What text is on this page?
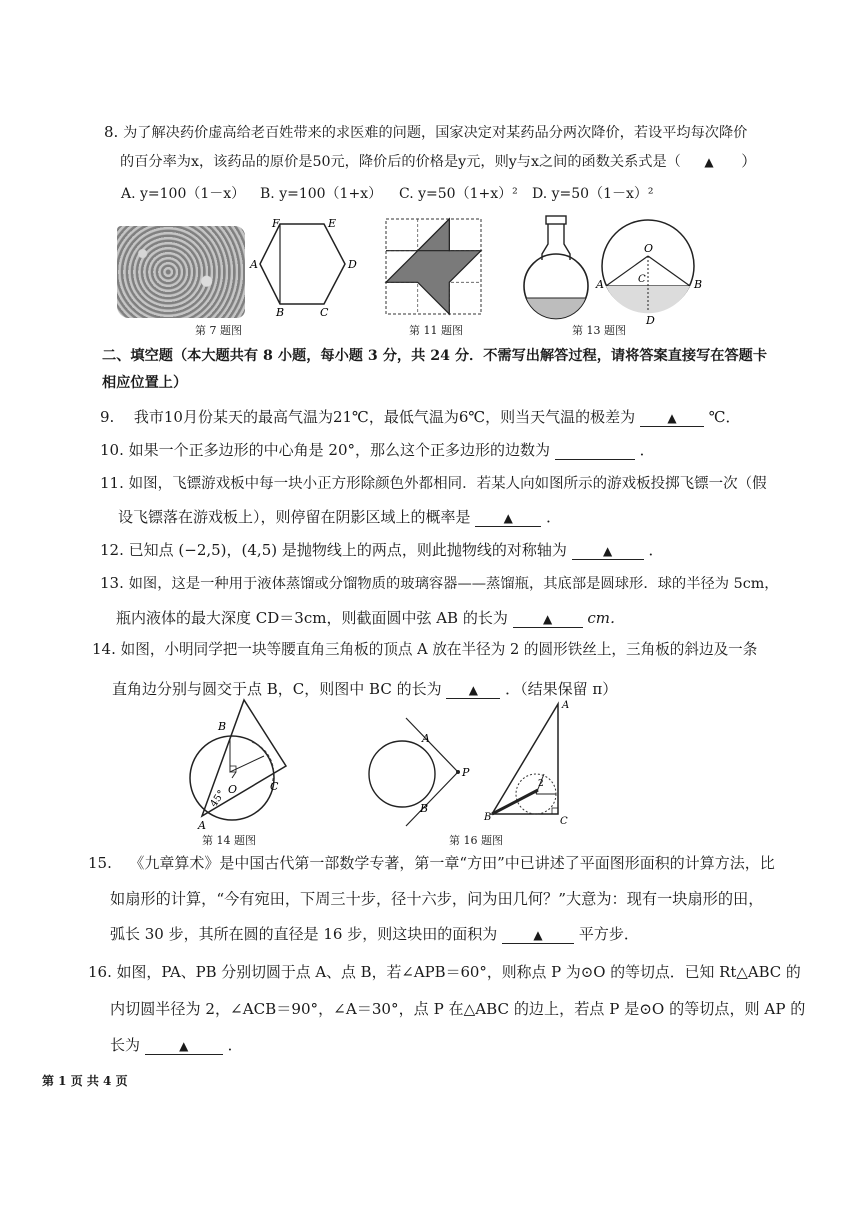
8. 为了解决药价虚高给老百姓带来的求医难的问题，国家决定对某药品分两次降价，若设平均每次降价
的百分率为x，该药品的原价是50元，降价后的价格是y元，则y与x之间的函数关系式是（ ▲ ）
A. y=100（1－x） B. y=100（1+x） C. y=50（1+x）² D. y=50（1－x）²
F	E
A	D
B	C
O
C
A	B
D
第 7 题图	第 11 题图	第 13 题图
二、填空题（本大题共有 8 小题，每小题 3 分，共 24 分．不需写出解答过程，请将答案直接写在答题卡
相应位置上）
9. 我市10月份某天的最高气温为21℃，最低气温为6℃，则当天气温的极差为	▲ ℃．
10. 如果一个正多边形的中心角是 20°，那么这个正多边形的边数为	．
11. 如图，飞镖游戏板中每一块小正方形除颜色外都相同．若某人向如图所示的游戏板投掷飞镖一次（假
设飞镖落在游戏板上），则停留在阴影区域上的概率是	▲ ．
12. 已知点 (−2,5)，(4,5) 是抛物线上的两点，则此抛物线的对称轴为	▲ ．
13. 如图，这是一种用于液体蒸馏或分馏物质的玻璃容器——蒸馏瓶，其底部是圆球形．球的半径为 5cm，
瓶内液体的最大深度 CD＝3cm，则截面圆中弦 AB 的长为	▲ cm．
14. 如图，小明同学把一块等腰直角三角板的顶点 A 放在半径为 2 的圆形铁丝上，三角板的斜边及一条
直角边分别与圆交于点 B，C，则图中 BC 的长为 ▲ ．（结果保留 π）
B
O
45°
C
A
A
P
B
A
2
B	C
第 14 题图	第 16 题图
15. 《九章算术》是中国古代第一部数学专著，第一章“方田”中已讲述了平面图形面积的计算方法，比
如扇形的计算，“今有宛田，下周三十步，径十六步，问为田几何？”大意为：现有一块扇形的田，
弧长 30 步，其所在圆的直径是 16 步，则这块田的面积为	▲ 平方步．
16. 如图，PA、PB 分别切圆于点 A、点 B，若∠APB＝60°，则称点 P 为⊙O 的等切点．已知 Rt△ABC 的
内切圆半径为 2，∠ACB＝90°，∠A＝30°，点 P 在△ABC 的边上，若点 P 是⊙O 的等切点，则 AP 的
长为	▲	．
第 1 页 共 4 页
